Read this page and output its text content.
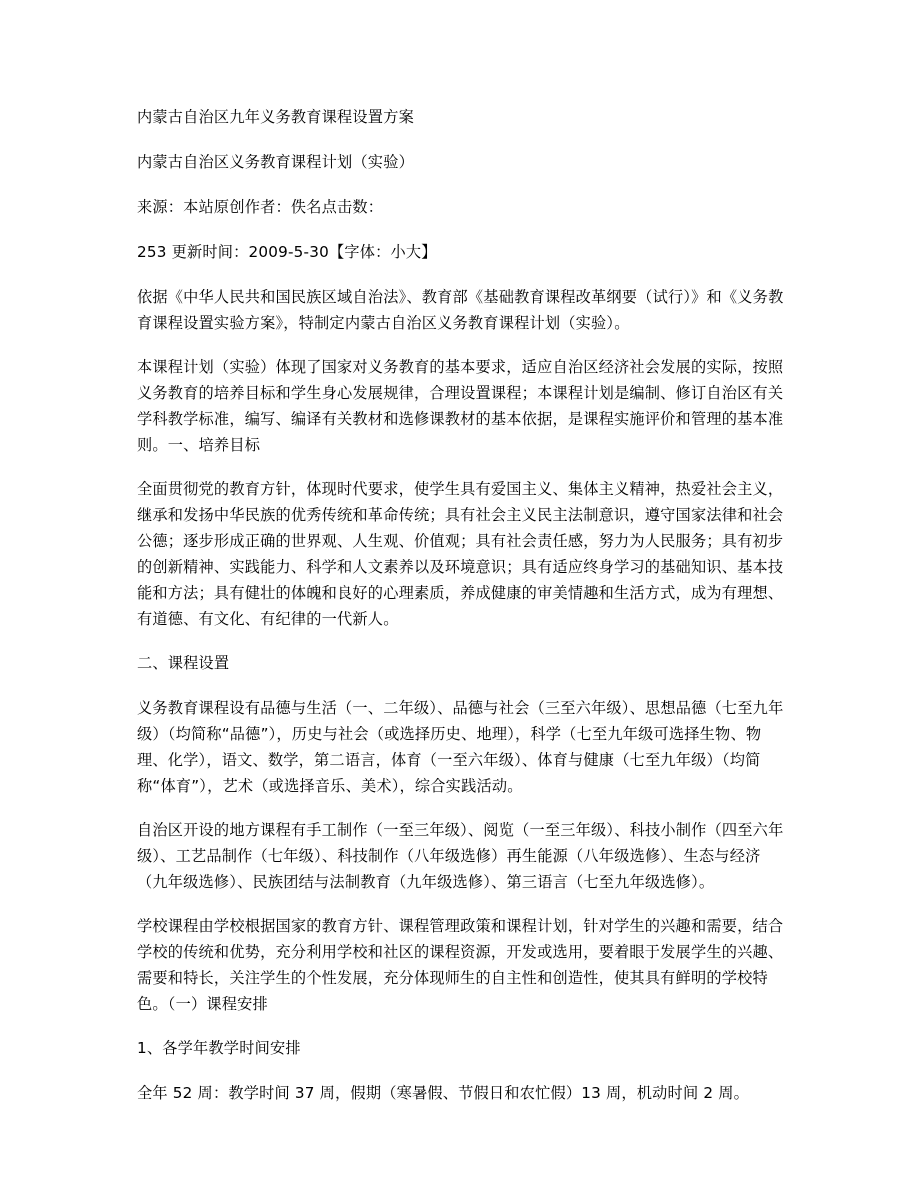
内蒙古自治区九年义务教育课程设置方案

内蒙古自治区义务教育课程计划（实验）

来源：本站原创作者：佚名点击数：

253 更新时间：2009-5-30【字体：小大】

依据《中华人民共和国民族区域自治法》、教育部《基础教育课程改革纲要（试行）》和《义务教育课程设置实验方案》，特制定内蒙古自治区义务教育课程计划（实验）。

本课程计划（实验）体现了国家对义务教育的基本要求，适应自治区经济社会发展的实际，按照义务教育的培养目标和学生身心发展规律，合理设置课程；本课程计划是编制、修订自治区有关学科教学标准，编写、编译有关教材和选修课教材的基本依据，是课程实施评价和管理的基本准则。一、培养目标

全面贯彻党的教育方针，体现时代要求，使学生具有爱国主义、集体主义精神，热爱社会主义，继承和发扬中华民族的优秀传统和革命传统；具有社会主义民主法制意识，遵守国家法律和社会公德；逐步形成正确的世界观、人生观、价值观；具有社会责任感，努力为人民服务；具有初步的创新精神、实践能力、科学和人文素养以及环境意识；具有适应终身学习的基础知识、基本技能和方法；具有健壮的体魄和良好的心理素质，养成健康的审美情趣和生活方式，成为有理想、有道德、有文化、有纪律的一代新人。

二、课程设置

义务教育课程设有品德与生活（一、二年级）、品德与社会（三至六年级）、思想品德（七至九年级）（均简称“品德”），历史与社会（或选择历史、地理），科学（七至九年级可选择生物、物理、化学），语文、数学，第二语言，体育（一至六年级）、体育与健康（七至九年级）（均简称“体育”），艺术（或选择音乐、美术），综合实践活动。

自治区开设的地方课程有手工制作（一至三年级）、阅览（一至三年级）、科技小制作（四至六年级）、工艺品制作（七年级）、科技制作（八年级选修）再生能源（八年级选修）、生态与经济（九年级选修）、民族团结与法制教育（九年级选修）、第三语言（七至九年级选修）。

学校课程由学校根据国家的教育方针、课程管理政策和课程计划，针对学生的兴趣和需要，结合学校的传统和优势，充分利用学校和社区的课程资源，开发或选用，要着眼于发展学生的兴趣、需要和特长，关注学生的个性发展，充分体现师生的自主性和创造性，使其具有鲜明的学校特色。（一）课程安排

1、各学年教学时间安排

全年 52 周：教学时间 37 周，假期（寒暑假、节假日和农忙假）13 周，机动时间 2 周。
